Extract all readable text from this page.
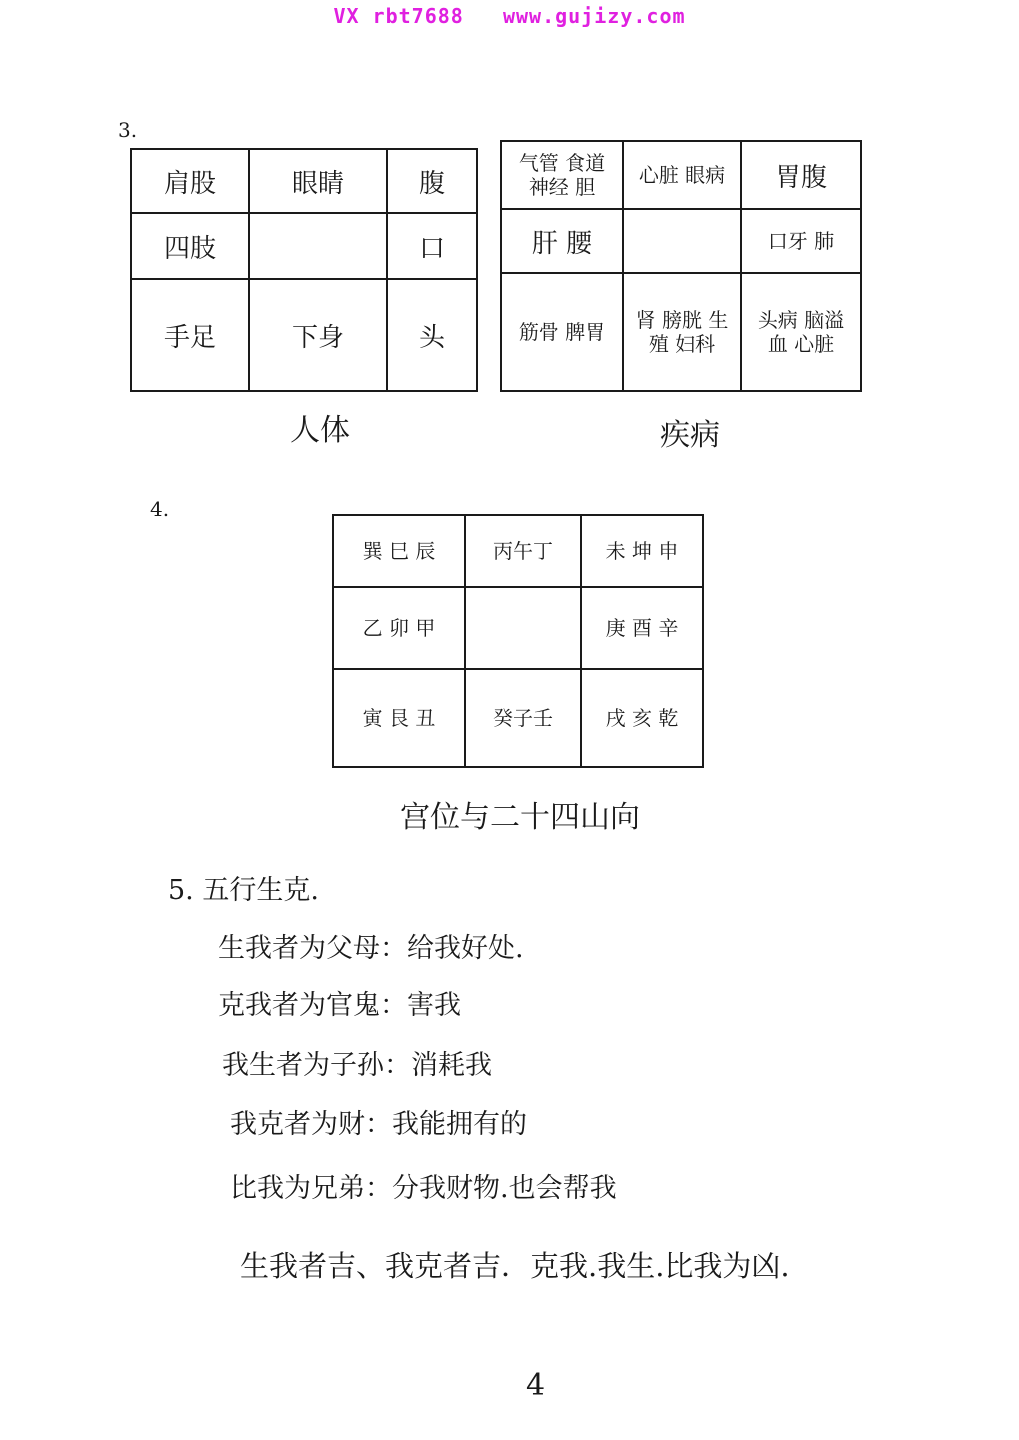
VX rbt7688   www.gujizy.com
3.
肩股	眼睛	腹
四肢		口
手足	下身	头
人体
气管 食道 神经 胆	心脏 眼病	胃腹
肝 腰		口牙 肺
筋骨 脾胃	肾 膀胱 生殖 妇科	头病 脑溢血 心脏
疾病
4.
巽 巳 辰	丙午丁	未 坤 申
乙 卯 甲		庚 酉 辛
寅 艮 丑	癸子壬	戌 亥 乾
宫位与二十四山向
5. 五行生克.
生我者为父母：给我好处.
克我者为官鬼：害我
我生者为子孙：消耗我
我克者为财：我能拥有的
比我为兄弟：分我财物.也会帮我
生我者吉、我克者吉．克我.我生.比我为凶.
4
